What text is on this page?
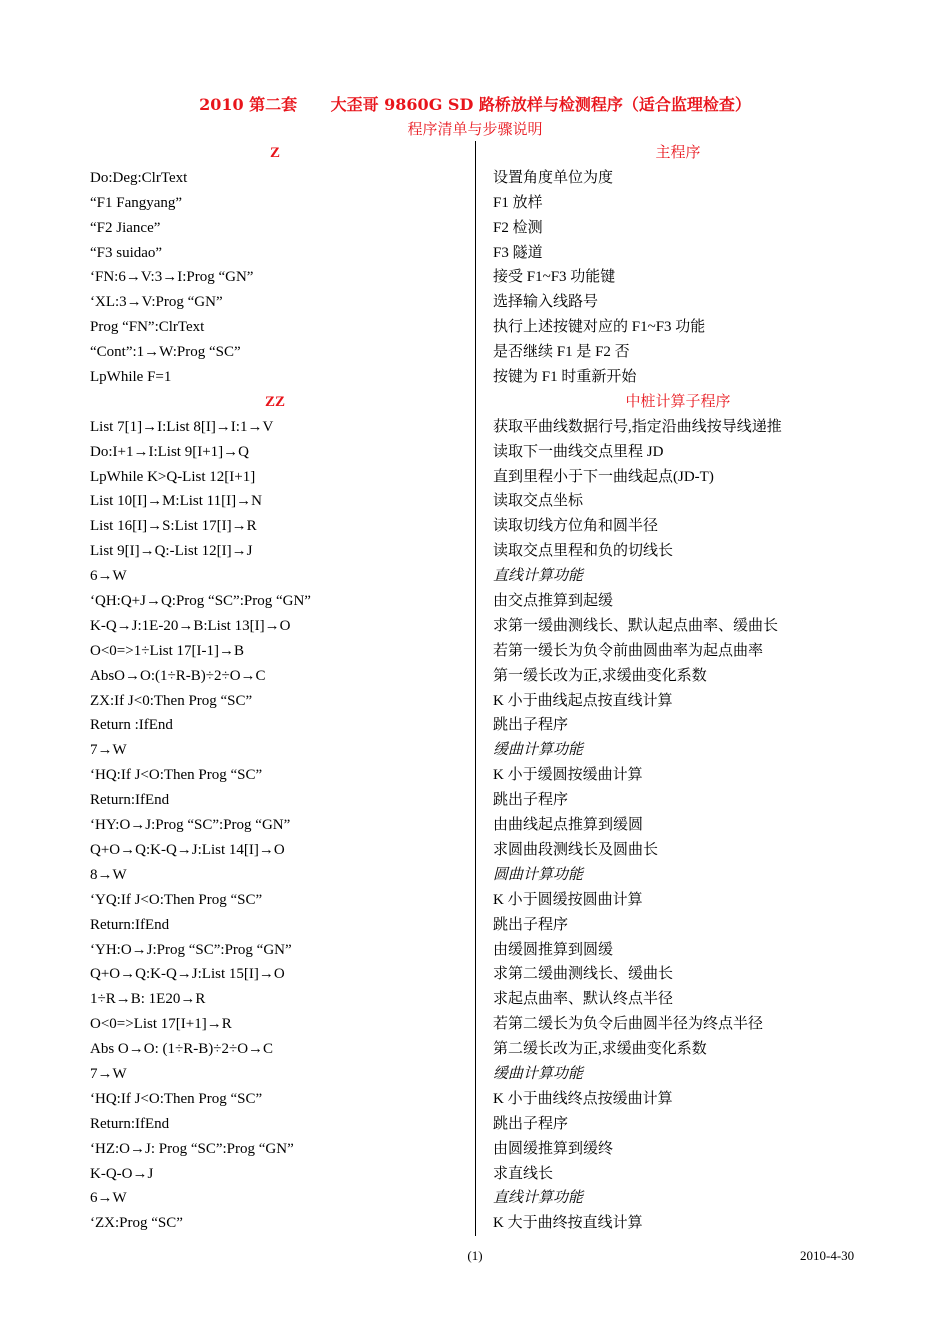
2010 第二套      大歪哥 9860G SD 路桥放样与检测程序（适合监理检查）
程序清单与步骤说明
Z
Do:Deg:ClrText
“F1 Fangyang”
“F2 Jiance”
“F3 suidao”
‘FN:6→V:3→I:Prog “GN”
‘XL:3→V:Prog “GN”
Prog “FN”:ClrText
“Cont”:1→W:Prog “SC”
LpWhile F=1
ZZ
List 7[1]→I:List 8[I]→I:1→V
Do:I+1→I:List 9[I+1]→Q
LpWhile K>Q-List 12[I+1]
List 10[I]→M:List 11[I]→N
List 16[I]→S:List 17[I]→R
List 9[I]→Q:-List 12[I]→J
6→W
‘QH:Q+J→Q:Prog “SC”:Prog “GN”
K-Q→J:1E-20→B:List 13[I]→O
O<0=>1÷List 17[I-1]→B
AbsO→O:(1÷R-B)÷2÷O→C
ZX:If J<0:Then Prog “SC”
Return :IfEnd
7→W
‘HQ:If J<O:Then Prog “SC”
Return:IfEnd
‘HY:O→J:Prog “SC”:Prog “GN”
Q+O→Q:K-Q→J:List 14[I]→O
8→W
‘YQ:If J<O:Then Prog “SC”
Return:IfEnd
‘YH:O→J:Prog “SC”:Prog “GN”
Q+O→Q:K-Q→J:List 15[I]→O
1÷R→B: 1E20→R
O<0=>List 17[I+1]→R
Abs O→O: (1÷R-B)÷2÷O→C
7→W
‘HQ:If J<O:Then Prog “SC”
Return:IfEnd
‘HZ:O→J: Prog “SC”:Prog “GN”
K-Q-O→J
6→W
‘ZX:Prog “SC”
主程序
设置角度单位为度
F1 放样
F2 检测
F3 隧道
接受 F1~F3 功能键
选择输入线路号
执行上述按键对应的 F1~F3 功能
是否继续 F1 是 F2 否
按键为 F1 时重新开始
中桩计算子程序
获取平曲线数据行号,指定沿曲线按导线递推
读取下一曲线交点里程 JD
直到里程小于下一曲线起点(JD-T)
读取交点坐标
读取切线方位角和圆半径
读取交点里程和负的切线长
直线计算功能
由交点推算到起缓
求第一缓曲测线长、默认起点曲率、缓曲长
若第一缓长为负令前曲圆曲率为起点曲率
第一缓长改为正,求缓曲变化系数
K 小于曲线起点按直线计算
跳出子程序
缓曲计算功能
K 小于缓圆按缓曲计算
跳出子程序
由曲线起点推算到缓圆
求圆曲段测线长及圆曲长
圆曲计算功能
K 小于圆缓按圆曲计算
跳出子程序
由缓圆推算到圆缓
求第二缓曲测线长、缓曲长
求起点曲率、默认终点半径
若第二缓长为负令后曲圆半径为终点半径
第二缓长改为正,求缓曲变化系数
缓曲计算功能
K 小于曲线终点按缓曲计算
跳出子程序
由圆缓推算到缓终
求直线长
直线计算功能
K 大于曲终按直线计算
(1)	2010-4-30
